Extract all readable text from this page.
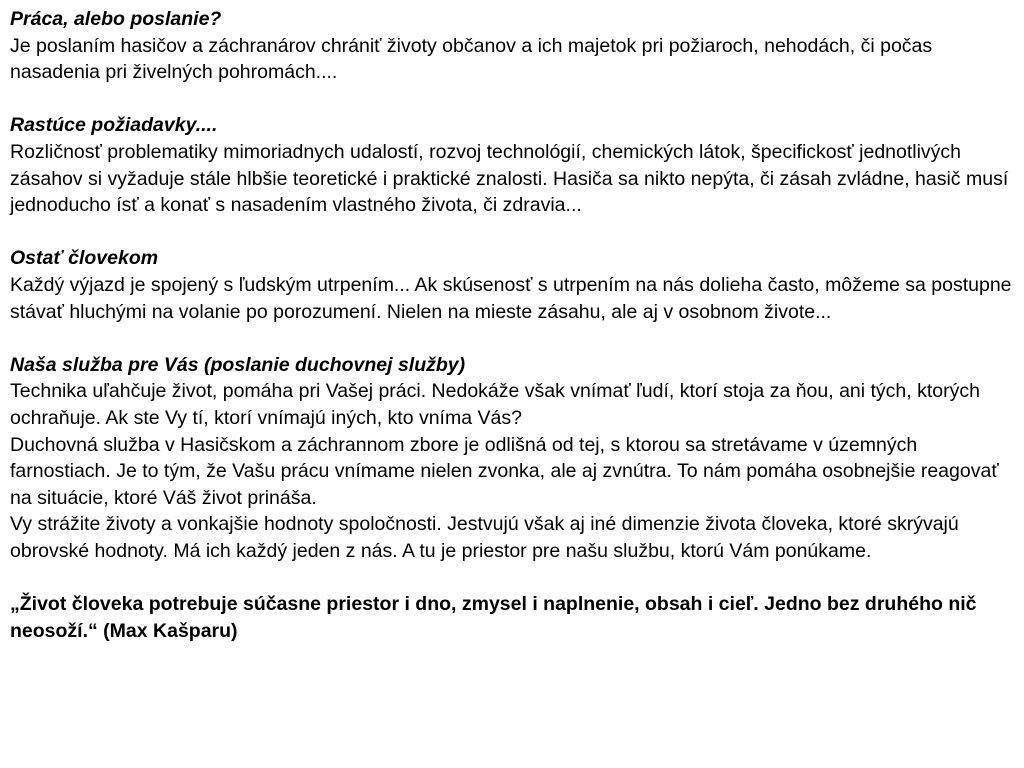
Práca, alebo poslanie?
Je poslaním hasičov a záchranárov chrániť životy občanov a ich majetok pri požiaroch, nehodách, či počas nasadenia pri živelných pohromách....
Rastúce požiadavky....
Rozličnosť problematiky mimoriadnych udalostí, rozvoj technológií, chemických látok, špecifickosť jednotlivých zásahov si vyžaduje stále hlbšie teoretické i praktické znalosti. Hasiča sa nikto nepýta, či zásah zvládne, hasič musí jednoducho ísť a konať s nasadením vlastného života, či zdravia...
Ostať človekom
Každý výjazd je spojený s ľudským utrpením... Ak skúsenosť s utrpením na nás dolieha často, môžeme sa postupne stávať hluchými na volanie po porozumení. Nielen na mieste zásahu, ale aj v osobnom živote...
Naša služba pre Vás (poslanie duchovnej služby)
Technika uľahčuje život, pomáha pri Vašej práci. Nedokáže však vnímať ľudí, ktorí stoja za ňou, ani tých, ktorých ochraňuje. Ak ste Vy tí, ktorí vnímajú iných, kto vníma Vás?
Duchovná služba v Hasičskom a záchrannom zbore je odlišná od tej, s ktorou sa stretávame v územných farnostiach. Je to tým, že Vašu prácu vnímame nielen zvonka, ale aj zvnútra. To nám pomáha osobnejšie reagovať na situácie, ktoré Váš život prináša.
Vy strážite životy a vonkajšie hodnoty spoločnosti. Jestvujú však aj iné dimenzie života človeka, ktoré skrývajú obrovské hodnoty. Má ich každý jeden z nás. A tu je priestor pre našu službu, ktorú Vám ponúkame.
„Život človeka potrebuje súčasne priestor i dno, zmysel i naplnenie, obsah i cieľ. Jedno bez druhého nič neosoží.“ (Max Kašparu)
